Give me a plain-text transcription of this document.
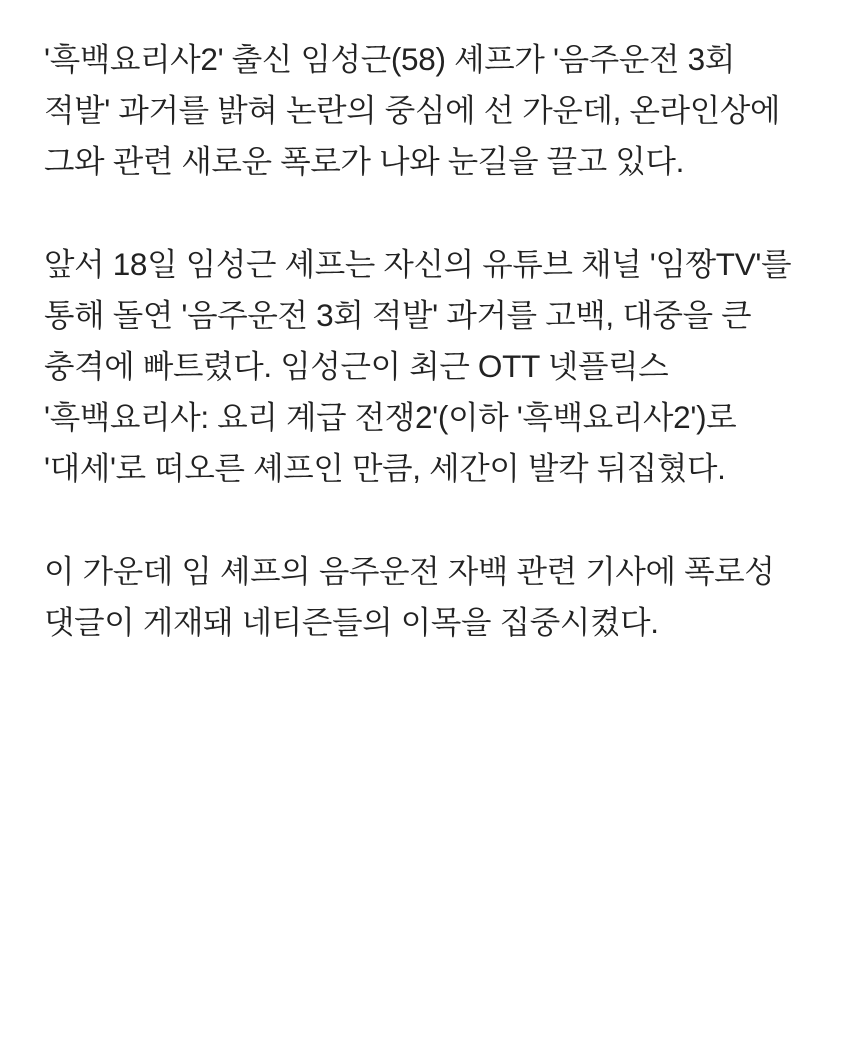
'흑백요리사2' 출신 임성근(58) 셰프가 '음주운전 3회 적발' 과거를 밝혀 논란의 중심에 선 가운데, 온라인상에 그와 관련 새로운 폭로가 나와 눈길을 끌고 있다.

앞서 18일 임성근 셰프는 자신의 유튜브 채널 '임짱TV'를 통해 돌연 '음주운전 3회 적발' 과거를 고백, 대중을 큰 충격에 빠트렸다. 임성근이 최근 OTT 넷플릭스 '흑백요리사: 요리 계급 전쟁2'(이하 '흑백요리사2')로 '대세'로 떠오른 셰프인 만큼, 세간이 발칵 뒤집혔다.

이 가운데 임 셰프의 음주운전 자백 관련 기사에 폭로성 댓글이 게재돼 네티즌들의 이목을 집중시켰다.
